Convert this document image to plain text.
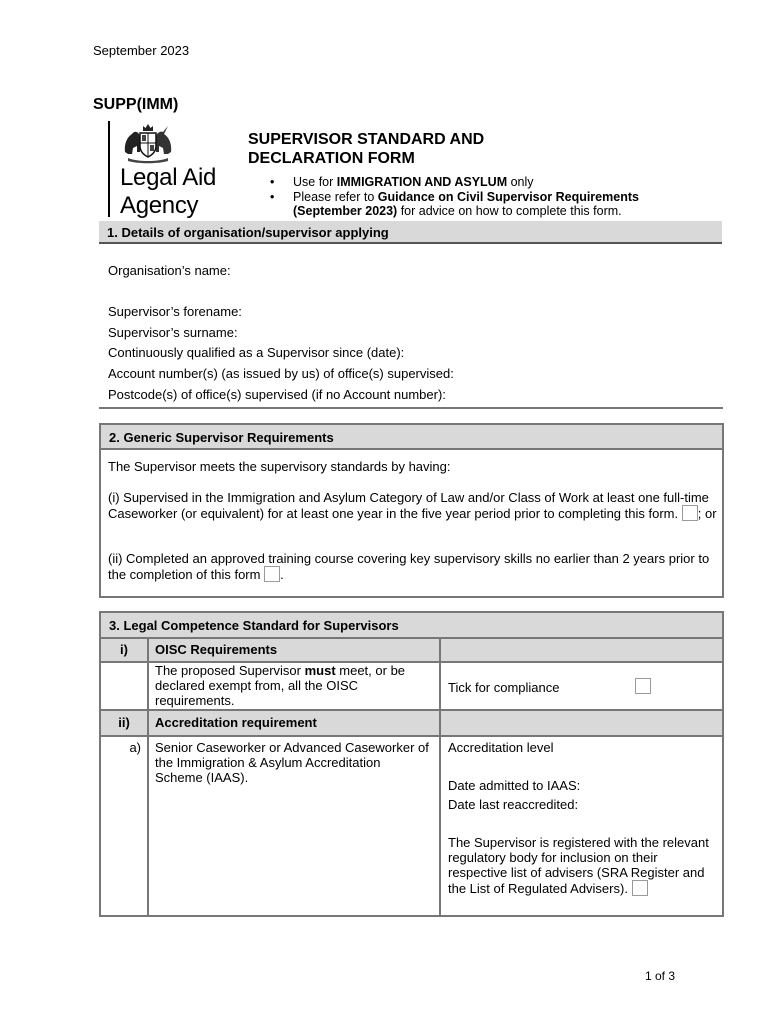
September 2023
SUPP(IMM)
Legal Aid
Agency
SUPERVISOR STANDARD AND
DECLARATION FORM
• Use for IMMIGRATION AND ASYLUM only
• Please refer to Guidance on Civil Supervisor Requirements (September 2023) for advice on how to complete this form.
1. Details of organisation/supervisor applying
Organisation’s name:
Supervisor’s forename:
Supervisor’s surname:
Continuously qualified as a Supervisor since (date):
Account number(s) (as issued by us) of office(s) supervised:
Postcode(s) of office(s) supervised (if no Account number):
2. Generic Supervisor Requirements
The Supervisor meets the supervisory standards by having:
(i) Supervised in the Immigration and Asylum Category of Law and/or Class of Work at least one full-time Caseworker (or equivalent) for at least one year in the five year period prior to completing this form. ; or
(ii) Completed an approved training course covering key supervisory skills no earlier than 2 years prior to the completion of this form .
3. Legal Competence Standard for Supervisors
i)	OISC Requirements
The proposed Supervisor must meet, or be declared exempt from, all the OISC requirements.
Tick for compliance
ii)	Accreditation requirement
a) Senior Caseworker or Advanced Caseworker of the Immigration & Asylum Accreditation Scheme (IAAS).
Accreditation level
Date admitted to IAAS:
Date last reaccredited:
The Supervisor is registered with the relevant regulatory body for inclusion on their respective list of advisers (SRA Register and the List of Regulated Advisers).
1 of 3
